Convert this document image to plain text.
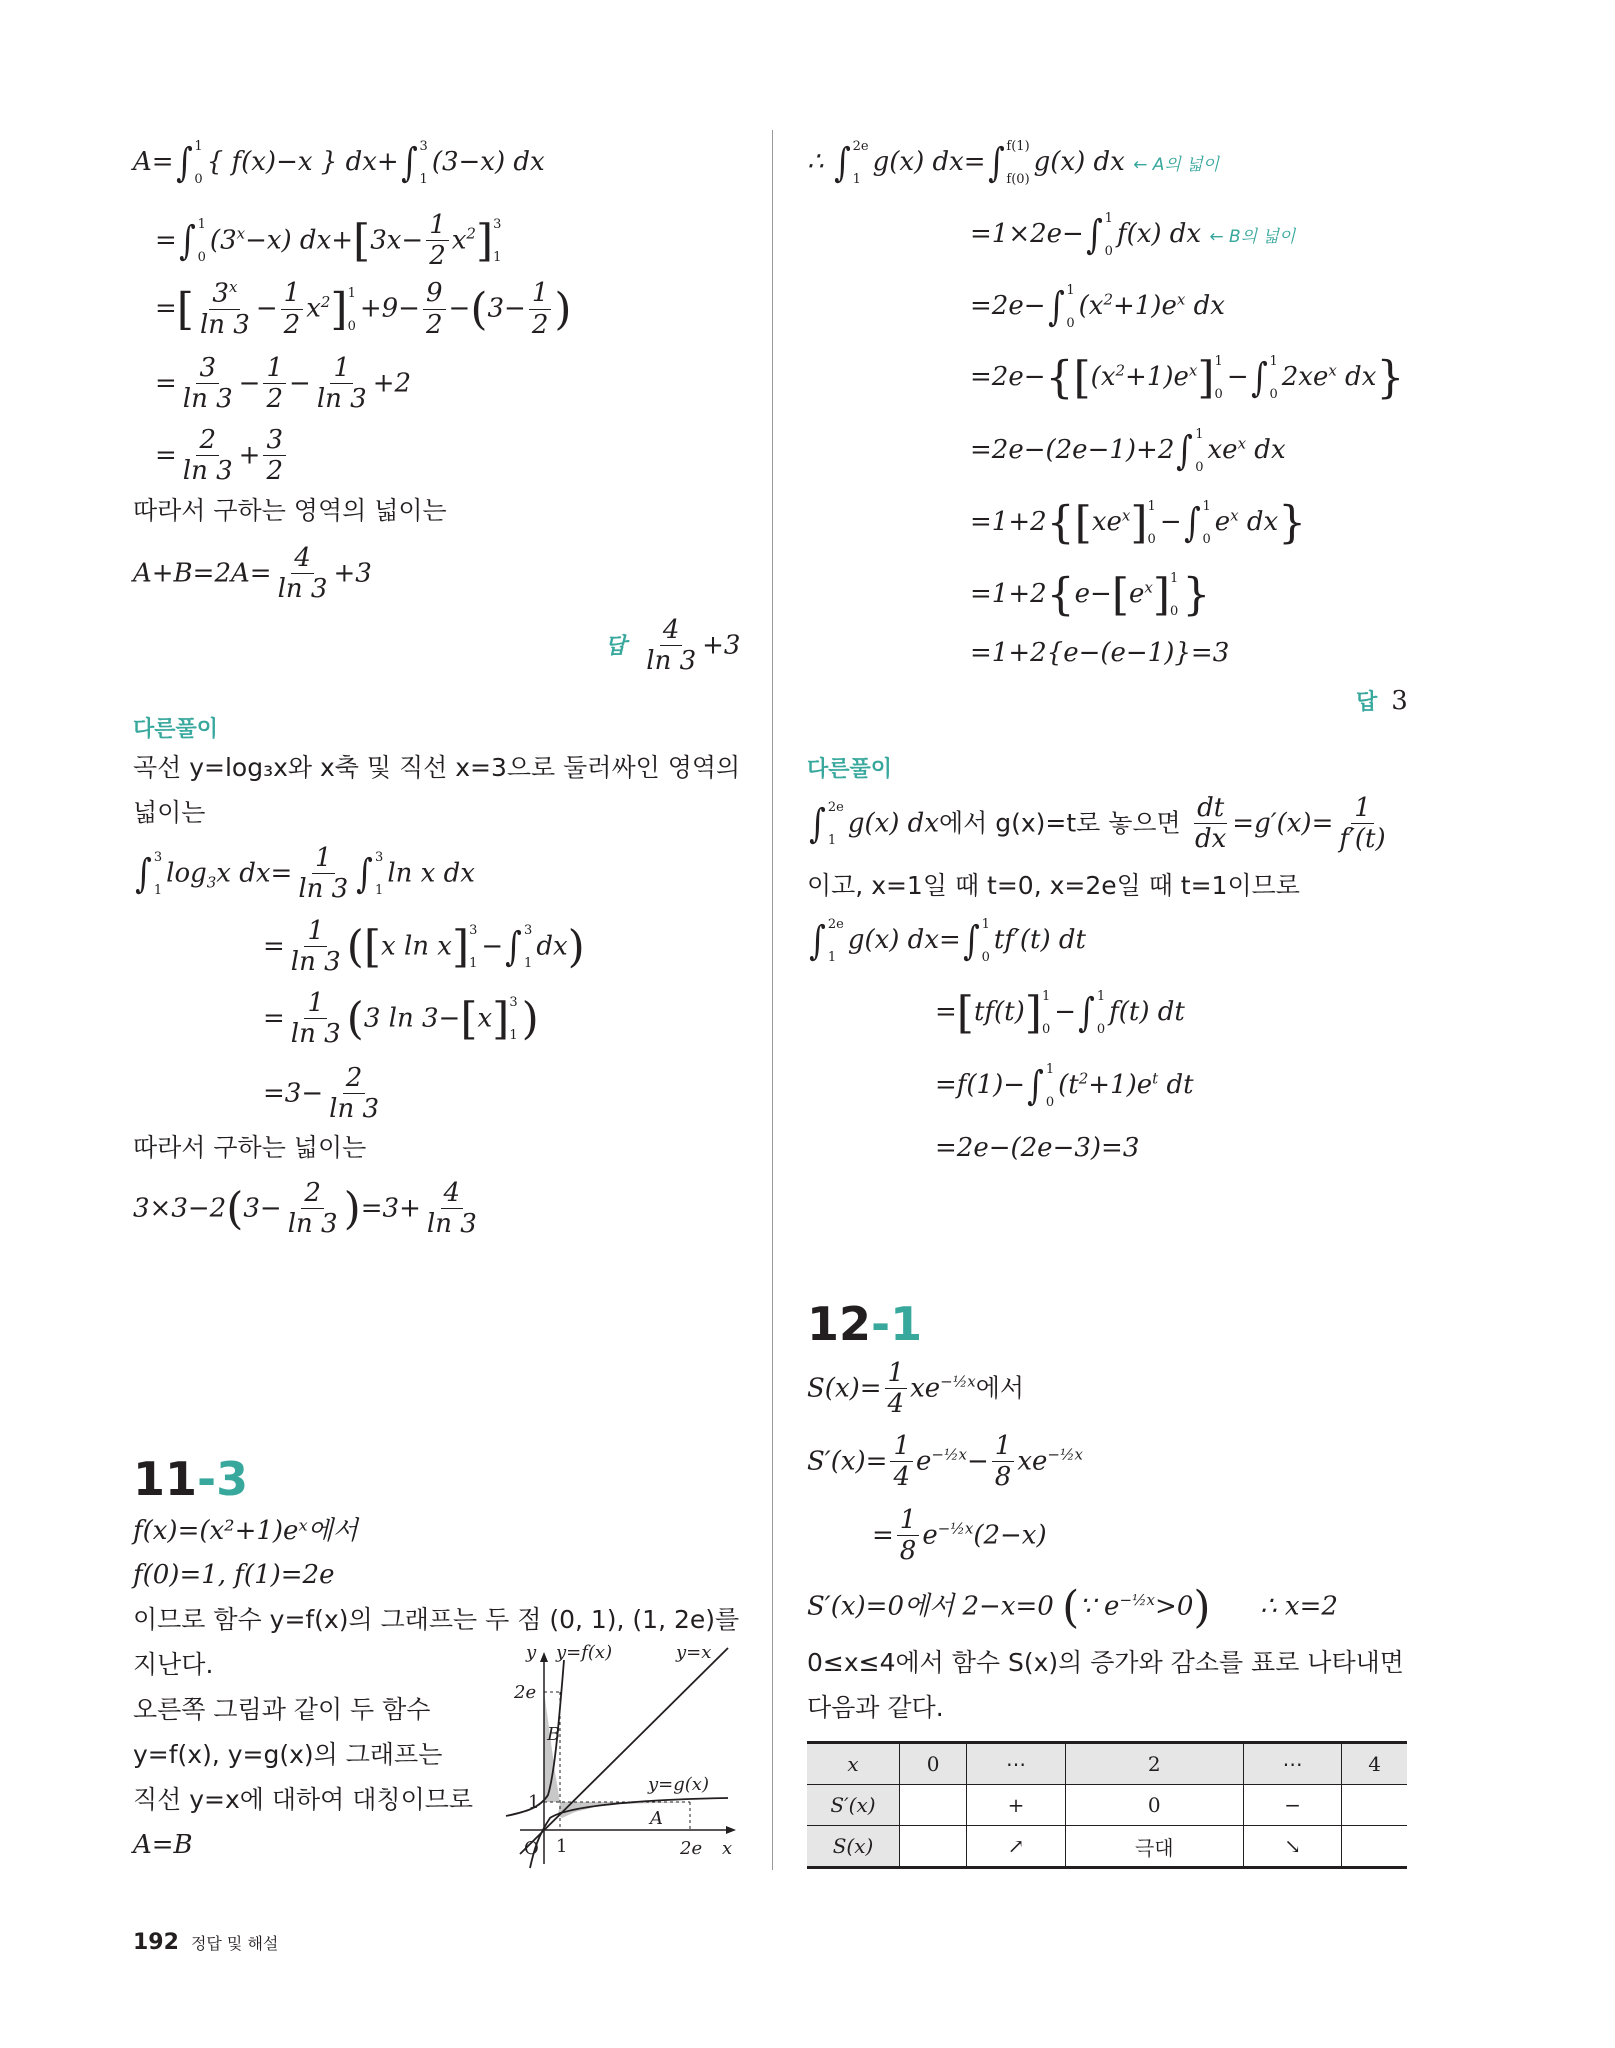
A=∫ 1
0
{ f(x)−x } dx+∫ 3
1
(3−x) dx
=∫ 1
0
$(3^x-x)$ $dx+[3x- \frac{1}{2} x^2]$ 3
1
=[ $\frac{3^x}{\ln 3} - \frac{1}{2} x^2$] 1
0
$+9- \frac{9}{2} -(3- \frac{1}{2}$ )
= $\frac{3}{\ln 3} - \frac{1}{2} - \frac{1}{\ln 3} +2$
= $\frac{2}{\ln 3} + \frac{3}{2}$
따라서 구하는 영역의 넓이는
$A+B=2A= \frac{4}{\ln 3} +3$
답 $\frac{4}{\ln 3} +3$
다른풀이
곡선 y=log₃x와 x축 및 직선 x=3으로 둘러싸인 영역의
넓이는
∫ 3
1
$\log_3x$ $dx= \frac{1}{\ln 3}$ ∫ 3
1
ln x dx
= $\frac{1}{\ln 3} ([x$ ln x] 3
1
−∫ 3
1
dx)
= $\frac{1}{\ln 3} (3$ ln 3−[x] 3
1 )
$=3- \frac{2}{\ln 3}$
따라서 구하는 넓이는
$3\times 3-2(3- \frac{2}{\ln 3} )=3+ \frac{4}{\ln 3}$
11-3
f(x)=(x²+1)eˣ에서
f(0)=1, f(1)=2e
이므로 함수 y=f(x)의 그래프는 두 점 (0, 1), (1, 2e)를
지난다.
오른쪽 그림과 같이 두 함수
y=f(x), y=g(x)의 그래프는
직선 y=x에 대하여 대칭이므로
A=B
y
x
y=f(x)	y=x
y=g(x)
2e
1
O 1	2e
A
B
∴ ∫ 2e
1
g(x) dx=∫ f(1)
f(0)
g(x) dx ← A의 넓이
=1×2e−∫ 1
0
f(x) dx ← B의 넓이
=2e−∫ 1
0
$(x^2+1)e^x$ dx
$=2e-\{[(x^2+1)e^x]$ 1
0
−∫ 1
0
$2xe^x$ dx}
=2e−(2e−1)+2∫ 1
0
$xe^x$ dx
$=1+2\{[xe^x]$ 1
0
−∫ 1
0
$e^x$ dx}
$=1+2\{e-[e^x]$ 1
0 }
=1+2{e−(e−1)}=3
답 3
다른풀이
∫ 2e
1
g(x) dx에서 g(x)=t로 놓으면 $\frac{dt}{dx} =g'(x)= \frac{1}{f'(t)}$
이고, x=1일 때 t=0, x=2e일 때 t=1이므로
∫ 2e
1
g(x) dx=∫ 1
0
tf′(t) dt
=[tf(t)] 1
0
−∫ 1
0
f(t) dt
=f(1)−∫ 1
0
$(t^2+1)e^t$ dt
=2e−(2e−3)=3
12-1
$S(x)= \frac{1}{4} xe^{-\frac{1}{2}x}$에서
$S'(x)= \frac{1}{4} e^{-\frac{1}{2}x}- \frac{1}{8} xe^{-\frac{1}{2}x}$
= $\frac{1}{8} e^{-\frac{1}{2}x}(2-x)$
S′(x)=0에서 2−x=0 (∵ $e^{-\frac{1}{2}x}>0$) ∴ x=2
0≤x≤4에서 함수 S(x)의 증가와 감소를 표로 나타내면
다음과 같다.
x	0	⋯	2	⋯	4
S′(x)		+	0	−	
S(x)		↗	극대	↘	
192 정답 및 해설
